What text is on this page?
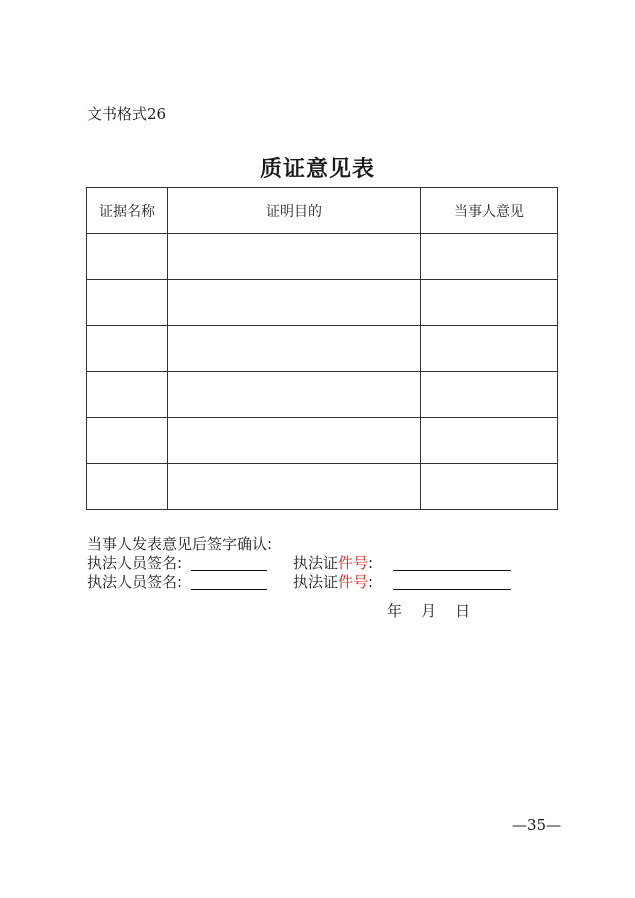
文书格式26
质证意见表
证据名称	证明目的	当事人意见

当事人发表意见后签字确认:
执法人员签名:	执法证件号:
执法人员签名:	执法证件号:
年    月    日
—35—
